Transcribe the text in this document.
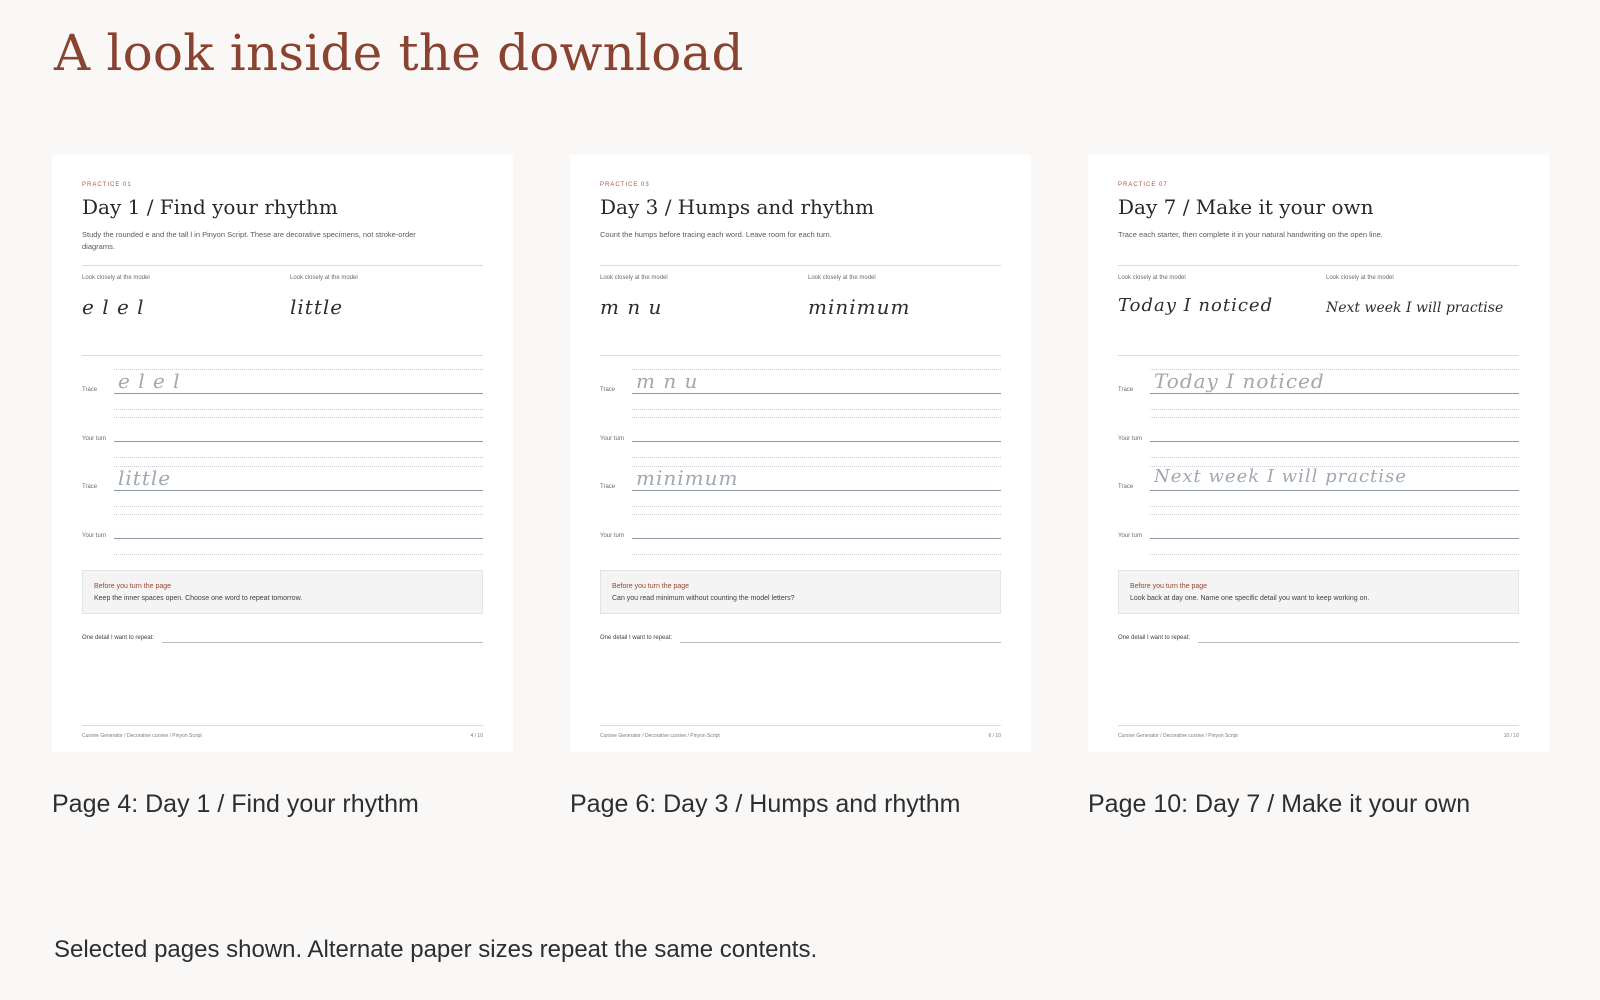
A look inside the download
PRACTICE 01
Day 1 / Find your rhythm
Study the rounded e and the tall l in Pinyon Script. These are decorative specimens, not stroke-order diagrams.
Look closely at the model	Look closely at the model
e l e l	little
Trace e l e l
Your turn
Trace little
Your turn
Before you turn the page
Keep the inner spaces open. Choose one word to repeat tomorrow.
One detail I want to repeat:
Cursive Generator / Decorative cursive / Pinyon Script	4 / 10
Page 4: Day 1 / Find your rhythm
PRACTICE 03
Day 3 / Humps and rhythm
Count the humps before tracing each word. Leave room for each turn.
Look closely at the model	Look closely at the model
m n u	minimum
Trace m n u
Your turn
Trace minimum
Your turn
Before you turn the page
Can you read minimum without counting the model letters?
One detail I want to repeat:
Cursive Generator / Decorative cursive / Pinyon Script	6 / 10
Page 6: Day 3 / Humps and rhythm
PRACTICE 07
Day 7 / Make it your own
Trace each starter, then complete it in your natural handwriting on the open line.
Look closely at the model	Look closely at the model
Today I noticed	Next week I will practise
Trace Today I noticed
Your turn
Trace Next week I will practise
Your turn
Before you turn the page
Look back at day one. Name one specific detail you want to keep working on.
One detail I want to repeat:
Cursive Generator / Decorative cursive / Pinyon Script	10 / 10
Page 10: Day 7 / Make it your own

Selected pages shown. Alternate paper sizes repeat the same contents.
